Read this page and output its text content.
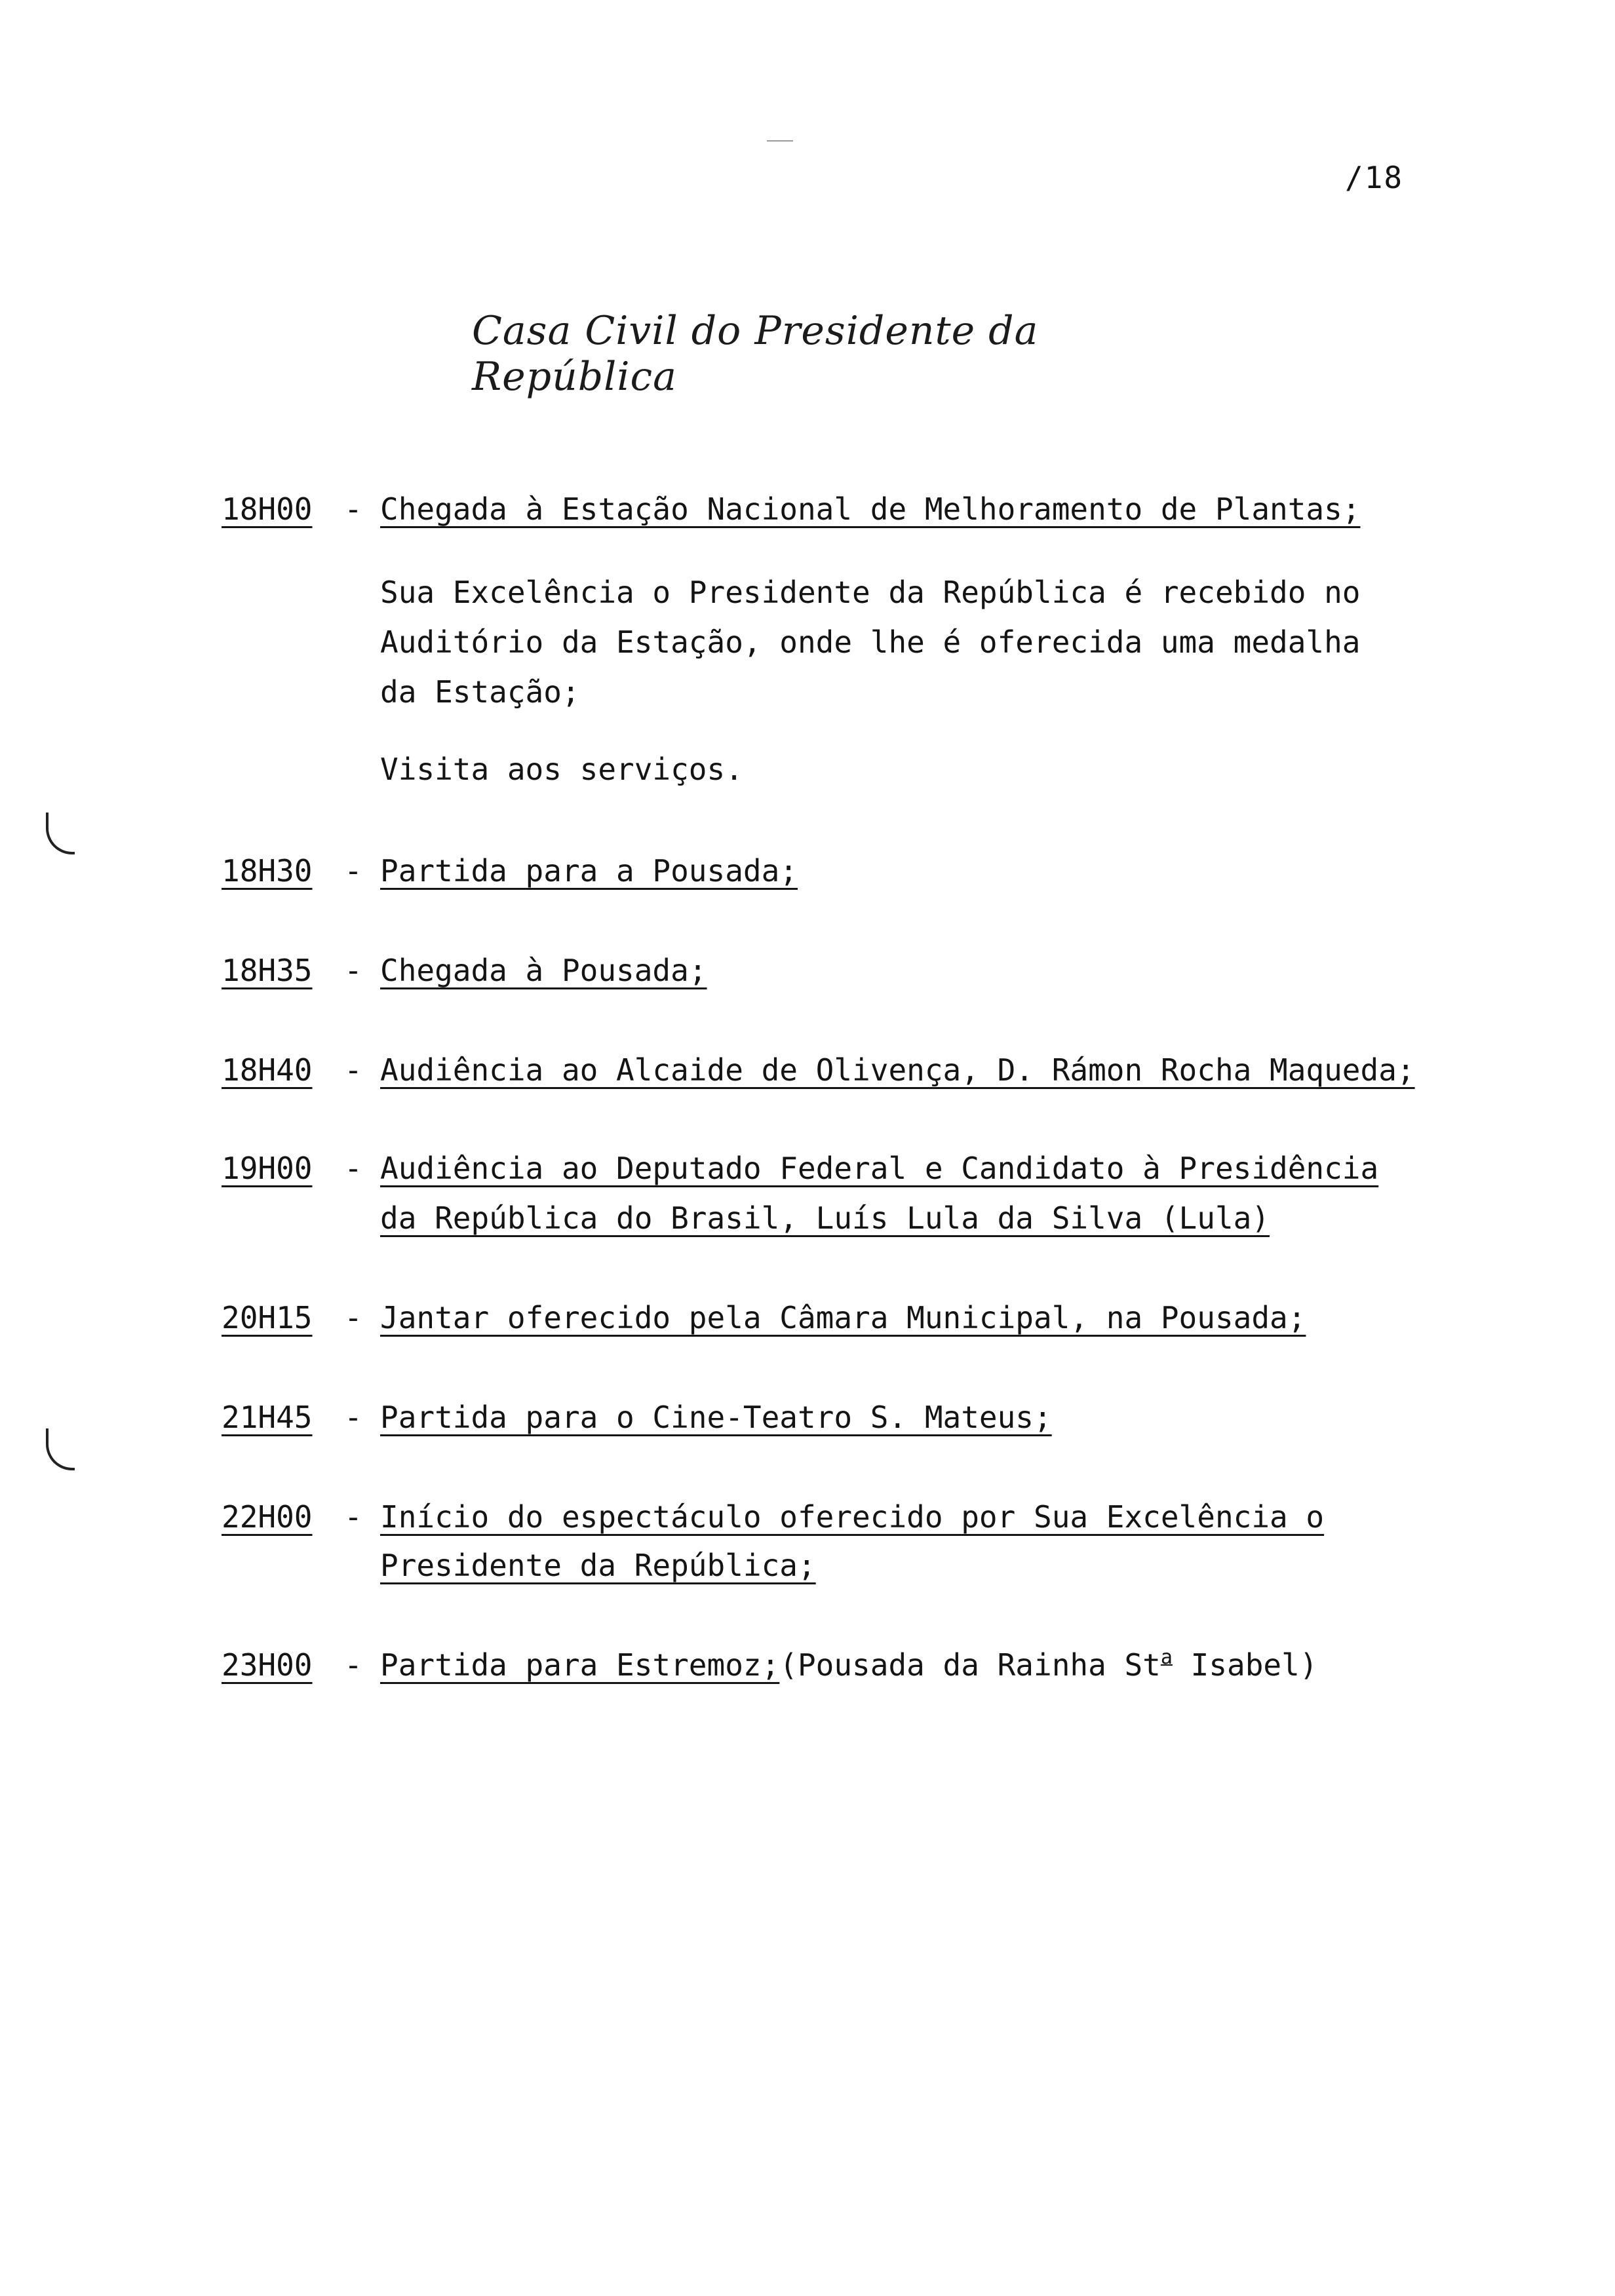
/18
Casa Civil do Presidente da República
18H00 - Chegada à Estação Nacional de Melhoramento de Plantas;
Sua Excelência o Presidente da República é recebido no
Auditório da Estação, onde lhe é oferecida uma medalha
da Estação;
Visita aos serviços.
18H30 - Partida para a Pousada;
18H35 - Chegada à Pousada;
18H40 - Audiência ao Alcaide de Olivença, D. Rámon Rocha Maqueda;
19H00 - Audiência ao Deputado Federal e Candidato à Presidência
da República do Brasil, Luís Lula da Silva (Lula)
20H15 - Jantar oferecido pela Câmara Municipal, na Pousada;
21H45 - Partida para o Cine-Teatro S. Mateus;
22H00 - Início do espectáculo oferecido por Sua Excelência o
Presidente da República;
23H00 - Partida para Estremoz;(Pousada da Rainha St$^a$ Isabel)
